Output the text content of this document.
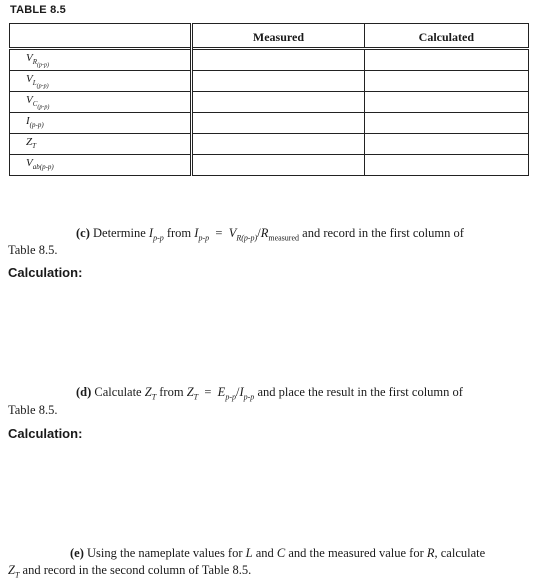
TABLE 8.5
	Measured	Calculated
$V_{R_{(p-p)}}$		
$V_{L_{(p-p)}}$		
$V_{C_{(p-p)}}$		
$I_{(p-p)}$		
$Z_T$		
$V_{ab(p-p)}$		
(c) Determine $I_{p-p}$ from $I_{p-p} = V_{R(p-p)}/R_{measured}$ and record in the first column of
Table 8.5.
Calculation:
(d) Calculate $Z_T$ from $Z_T = E_{p-p}/I_{p-p}$ and place the result in the first column of
Table 8.5.
Calculation:
(e) Using the nameplate values for L and C and the measured value for R, calculate
$Z_T$ and record in the second column of Table 8.5.
